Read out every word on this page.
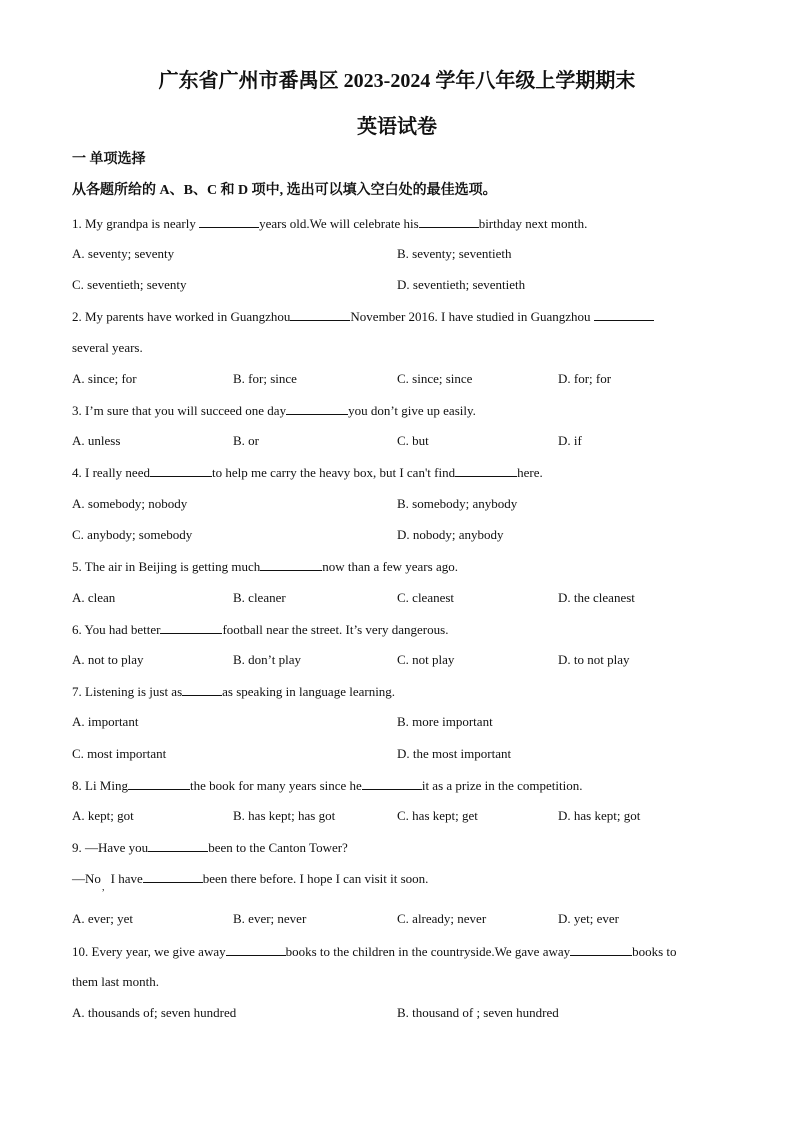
广东省广州市番禺区 2023-2024 学年八年级上学期期末
英语试卷
一 单项选择
从各题所给的 A、B、C 和 D 项中, 选出可以填入空白处的最佳选项。
1. My grandpa is nearly	years old.We will celebrate his	birthday next month.
A. seventy; seventy	B. seventy; seventieth
C. seventieth; seventy	D. seventieth; seventieth
2. My parents have worked in Guangzhou	November 2016. I have studied in Guangzhou
several years.
A. since; for	B. for; since	C. since; since	D. for; for
3. I’m sure that you will succeed one day	you don’t give up easily.
A. unless	B. or	C. but	D. if
4. I really need	to help me carry the heavy box, but I can't find	here.
A. somebody; nobody	B. somebody; anybody
C. anybody; somebody	D. nobody; anybody
5. The air in Beijing is getting much	now than a few years ago.
A. clean	B. cleaner	C. cleanest	D. the cleanest
6. You had better	football near the street. It’s very dangerous.
A. not to play	B. don’t play	C. not play	D. to not play
7. Listening is just as	as speaking in language learning.
A. important	B. more important
C. most important	D. the most important
8. Li Ming	the book for many years since he	it as a prize in the competition.
A. kept; got	B. has kept; has got	C. has kept; get	D. has kept; got
9. —Have you	been to the Canton Tower?
—No I have	been there before. I hope I can visit it soon.
,
A. ever; yet	B. ever; never	C. already; never	D. yet; ever
10. Every year, we give away	books to the children in the countryside.We gave away	books to
them last month.
A. thousands of; seven hundred	B. thousand of ; seven hundred
